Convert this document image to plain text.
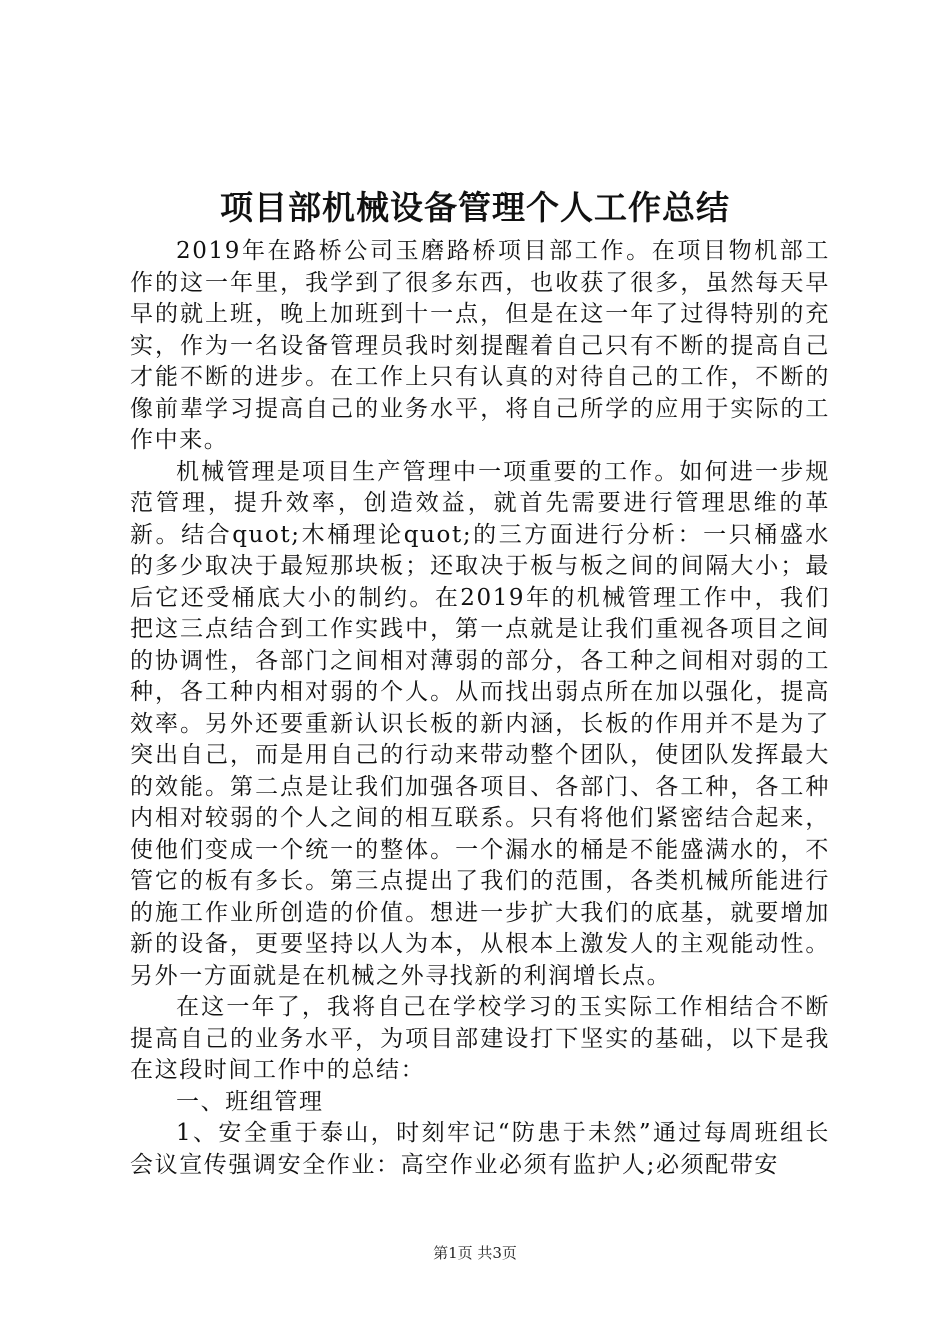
项目部机械设备管理个人工作总结

2019年在路桥公司玉磨路桥项目部工作。在项目物机部工作的这一年里，我学到了很多东西，也收获了很多，虽然每天早早的就上班，晚上加班到十一点，但是在这一年了过得特别的充实，作为一名设备管理员我时刻提醒着自己只有不断的提高自己才能不断的进步。在工作上只有认真的对待自己的工作，不断的像前辈学习提高自己的业务水平，将自己所学的应用于实际的工作中来。

机械管理是项目生产管理中一项重要的工作。如何进一步规范管理，提升效率，创造效益，就首先需要进行管理思维的革新。结合quot;木桶理论quot;的三方面进行分析：一只桶盛水的多少取决于最短那块板；还取决于板与板之间的间隔大小；最后它还受桶底大小的制约。在2019年的机械管理工作中，我们把这三点结合到工作实践中，第一点就是让我们重视各项目之间的协调性，各部门之间相对薄弱的部分，各工种之间相对弱的工种，各工种内相对弱的个人。从而找出弱点所在加以强化，提高效率。另外还要重新认识长板的新内涵，长板的作用并不是为了突出自己，而是用自己的行动来带动整个团队，使团队发挥最大的效能。第二点是让我们加强各项目、各部门、各工种，各工种内相对较弱的个人之间的相互联系。只有将他们紧密结合起来，使他们变成一个统一的整体。一个漏水的桶是不能盛满水的，不管它的板有多长。第三点提出了我们的范围，各类机械所能进行的施工作业所创造的价值。想进一步扩大我们的底基，就要增加新的设备，更要坚持以人为本，从根本上激发人的主观能动性。另外一方面就是在机械之外寻找新的利润增长点。

在这一年了，我将自己在学校学习的玉实际工作相结合不断提高自己的业务水平，为项目部建设打下坚实的基础，以下是我在这段时间工作中的总结：

一、班组管理

1、安全重于泰山，时刻牢记“防患于未然”通过每周班组长会议宣传强调安全作业：高空作业必须有监护人;必须配带安

第1页 共3页
